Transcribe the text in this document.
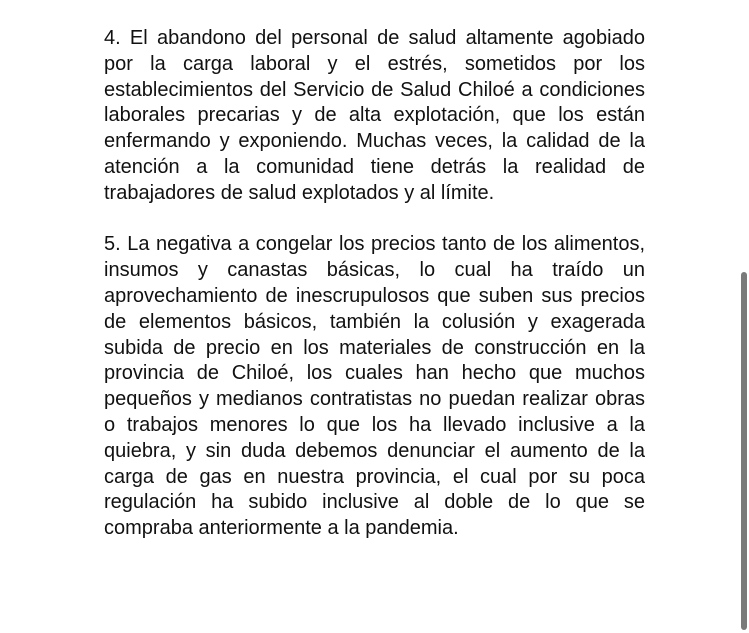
4. El abandono del personal de salud altamente agobiado por la carga laboral y el estrés, sometidos por los establecimientos del Servicio de Salud Chiloé a condiciones laborales precarias y de alta explotación, que los están enfermando y exponiendo. Muchas veces, la calidad de la atención a la comunidad tiene detrás la realidad de trabajadores de salud explotados y al límite.

5. La negativa a congelar los precios tanto de los alimentos, insumos y canastas básicas, lo cual ha traído un aprovechamiento de inescrupulosos que suben sus precios de elementos básicos, también la colusión y exagerada subida de precio en los materiales de construcción en la provincia de Chiloé, los cuales han hecho que muchos pequeños y medianos contratistas no puedan realizar obras o trabajos menores lo que los ha llevado inclusive a la quiebra, y sin duda debemos denunciar el aumento de la carga de gas en nuestra provincia, el cual por su poca regulación ha subido inclusive al doble de lo que se compraba anteriormente a la pandemia.
